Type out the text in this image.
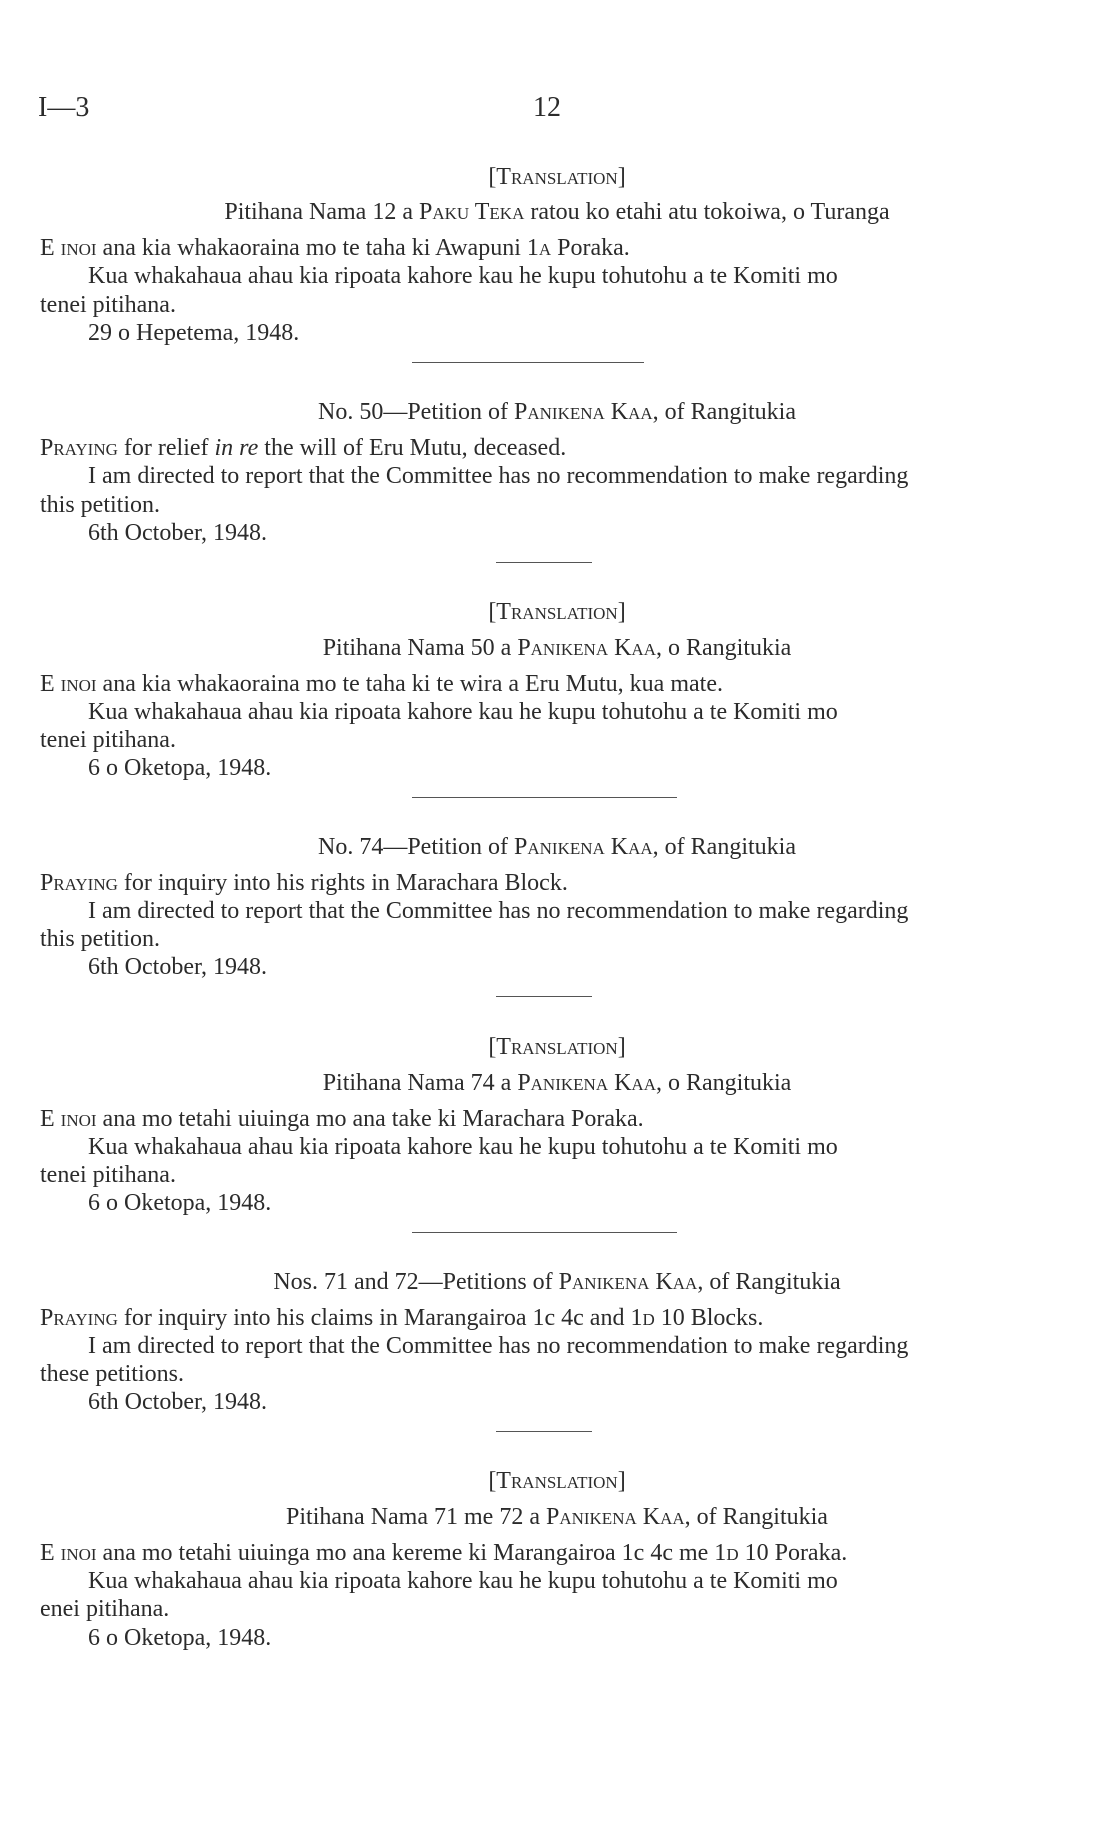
I—3	12
[Translation]
Pitihana Nama 12 a Paku Teka ratou ko etahi atu tokoiwa, o Turanga
E inoi ana kia whakaoraina mo te taha ki Awapuni 1a Poraka.
Kua whakahaua ahau kia ripoata kahore kau he kupu tohutohu a te Komiti mo
tenei pitihana.
29 o Hepetema, 1948.
No. 50—Petition of Panikena Kaa, of Rangitukia
Praying for relief in re the will of Eru Mutu, deceased.
I am directed to report that the Committee has no recommendation to make regarding
this petition.
6th October, 1948.
[Translation]
Pitihana Nama 50 a Panikena Kaa, o Rangitukia
E inoi ana kia whakaoraina mo te taha ki te wira a Eru Mutu, kua mate.
Kua whakahaua ahau kia ripoata kahore kau he kupu tohutohu a te Komiti mo
tenei pitihana.
6 o Oketopa, 1948.
No. 74—Petition of Panikena Kaa, of Rangitukia
Praying for inquiry into his rights in Marachara Block.
I am directed to report that the Committee has no recommendation to make regarding
this petition.
6th October, 1948.
[Translation]
Pitihana Nama 74 a Panikena Kaa, o Rangitukia
E inoi ana mo tetahi uiuinga mo ana take ki Marachara Poraka.
Kua whakahaua ahau kia ripoata kahore kau he kupu tohutohu a te Komiti mo
tenei pitihana.
6 o Oketopa, 1948.
Nos. 71 and 72—Petitions of Panikena Kaa, of Rangitukia
Praying for inquiry into his claims in Marangairoa 1c 4c and 1d 10 Blocks.
I am directed to report that the Committee has no recommendation to make regarding
these petitions.
6th October, 1948.
[Translation]
Pitihana Nama 71 me 72 a Panikena Kaa, of Rangitukia
E inoi ana mo tetahi uiuinga mo ana kereme ki Marangairoa 1c 4c me 1d 10 Poraka.
Kua whakahaua ahau kia ripoata kahore kau he kupu tohutohu a te Komiti mo
enei pitihana.
6 o Oketopa, 1948.
